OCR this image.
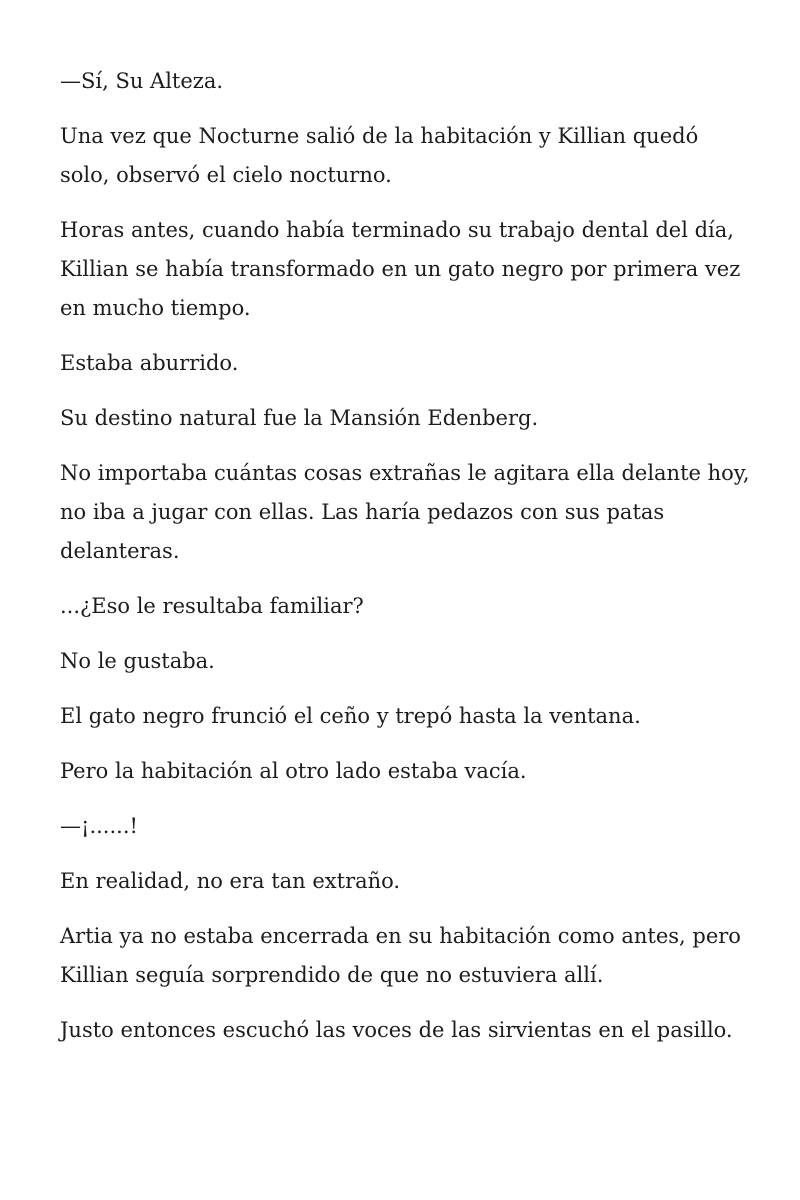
—Sí, Su Alteza.

Una vez que Nocturne salió de la habitación y Killian quedó solo, observó el cielo nocturno.

Horas antes, cuando había terminado su trabajo dental del día, Killian se había transformado en un gato negro por primera vez en mucho tiempo.

Estaba aburrido.

Su destino natural fue la Mansión Edenberg.

No importaba cuántas cosas extrañas le agitara ella delante hoy, no iba a jugar con ellas. Las haría pedazos con sus patas delanteras.

...¿Eso le resultaba familiar?

No le gustaba.

El gato negro frunció el ceño y trepó hasta la ventana.

Pero la habitación al otro lado estaba vacía.

—¡......!

En realidad, no era tan extraño.

Artia ya no estaba encerrada en su habitación como antes, pero Killian seguía sorprendido de que no estuviera allí.

Justo entonces escuchó las voces de las sirvientas en el pasillo.
